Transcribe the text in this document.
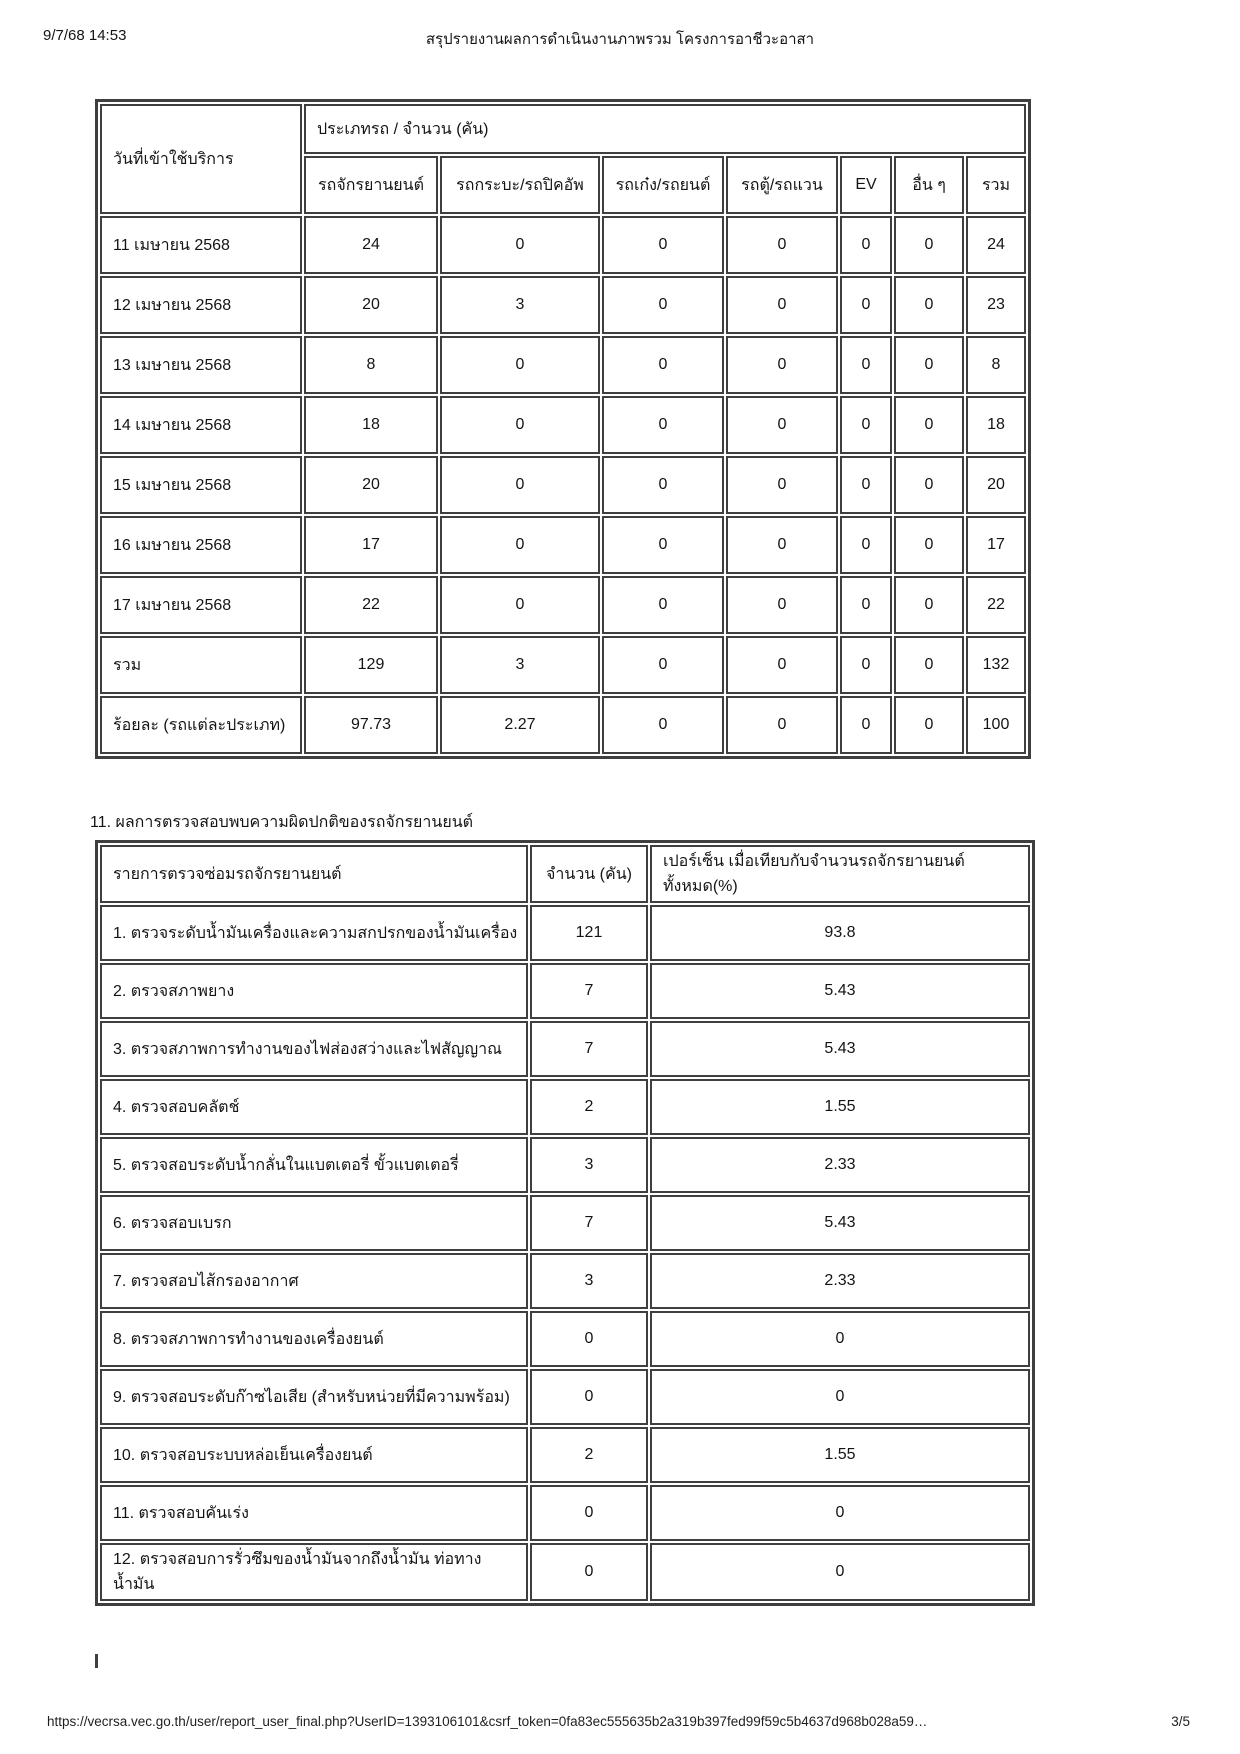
9/7/68 14:53	สรุปรายงานผลการดำเนินงานภาพรวม โครงการอาชีวะอาสา
วันที่เข้าใช้บริการ	ประเภทรถ / จำนวน (คัน)						
	รถจักรยานยนต์	รถกระบะ/รถปิคอัพ	รถเก๋ง/รถยนต์	รถตู้/รถแวน	EV	อื่น ๆ	รวม
11 เมษายน 2568	24	0	0	0	0	0	24
12 เมษายน 2568	20	3	0	0	0	0	23
13 เมษายน 2568	8	0	0	0	0	0	8
14 เมษายน 2568	18	0	0	0	0	0	18
15 เมษายน 2568	20	0	0	0	0	0	20
16 เมษายน 2568	17	0	0	0	0	0	17
17 เมษายน 2568	22	0	0	0	0	0	22
รวม	129	3	0	0	0	0	132
ร้อยละ (รถแต่ละประเภท)	97.73	2.27	0	0	0	0	100
11. ผลการตรวจสอบพบความผิดปกติของรถจักรยานยนต์
รายการตรวจซ่อมรถจักรยานยนต์	จำนวน (คัน)	เปอร์เซ็น เมื่อเทียบกับจำนวนรถจักรยานยนต์ทั้งหมด(%)
1. ตรวจระดับน้ำมันเครื่องและความสกปรกของน้ำมันเครื่อง	121	93.8
2. ตรวจสภาพยาง	7	5.43
3. ตรวจสภาพการทำงานของไฟส่องสว่างและไฟสัญญาณ	7	5.43
4. ตรวจสอบคลัตช์	2	1.55
5. ตรวจสอบระดับน้ำกลั่นในแบตเตอรี่ ขั้วแบตเตอรี่	3	2.33
6. ตรวจสอบเบรก	7	5.43
7. ตรวจสอบไส้กรองอากาศ	3	2.33
8. ตรวจสภาพการทำงานของเครื่องยนต์	0	0
9. ตรวจสอบระดับก๊าซไอเสีย (สำหรับหน่วยที่มีความพร้อม)	0	0
10. ตรวจสอบระบบหล่อเย็นเครื่องยนต์	2	1.55
11. ตรวจสอบคันเร่ง	0	0
12. ตรวจสอบการรั่วซึมของน้ำมันจากถึงน้ำมัน ท่อทางน้ำมัน	0	0
https://vecrsa.vec.go.th/user/report_user_final.php?UserID=1393106101&csrf_token=0fa83ec555635b2a319b397fed99f59c5b4637d968b028a59…	3/5
